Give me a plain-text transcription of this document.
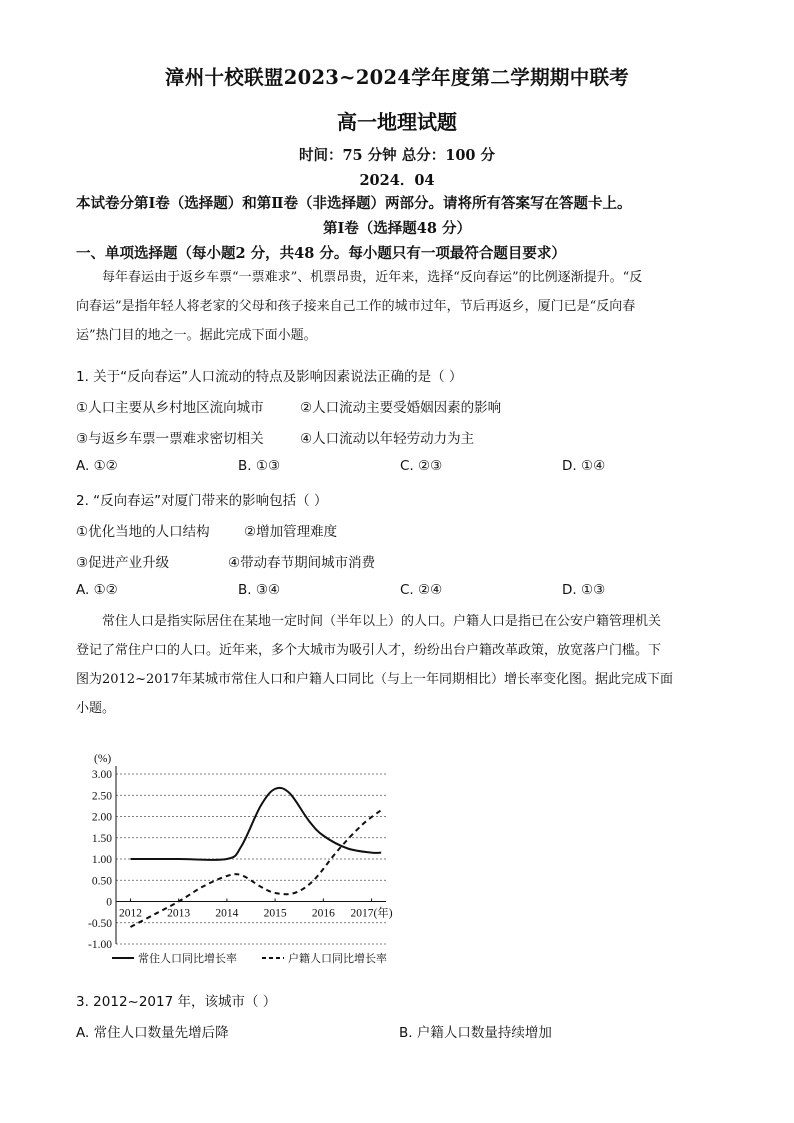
漳州十校联盟2023~2024学年度第二学期期中联考
高一地理试题
时间：75 分钟 总分：100 分
2024．04
本试卷分第Ⅰ卷（选择题）和第Ⅱ卷（非选择题）两部分。请将所有答案写在答题卡上。
第Ⅰ卷（选择题48 分）
一、单项选择题（每小题2 分，共48 分。每小题只有一项最符合题目要求）

每年春运由于返乡车票“一票难求”、机票昂贵，近年来，选择“反向春运”的比例逐渐提升。“反

向春运”是指年轻人将老家的父母和孩子接来自己工作的城市过年，节后再返乡，厦门已是“反向春

运”热门目的地之一。据此完成下面小题。

1. 关于“反向春运”人口流动的特点及影响因素说法正确的是（ ）
①人口主要从乡村地区流向城市	②人口流动主要受婚姻因素的影响
③与返乡车票一票难求密切相关	④人口流动以年轻劳动力为主
A. ①②	B. ①③	C. ②③	D. ①④
2. “反向春运”对厦门带来的影响包括（ ）
①优化当地的人口结构	②增加管理难度
③促进产业升级	④带动春节期间城市消费
A. ①②	B. ③④	C. ②④	D. ①③

常住人口是指实际居住在某地一定时间（半年以上）的人口。户籍人口是指已在公安户籍管理机关

登记了常住户口的人口。近年来，多个大城市为吸引人才，纷纷出台户籍改革政策，放宽落户门槛。下

图为2012~2017年某城市常住人口和户籍人口同比（与上一年同期相比）增长率变化图。据此完成下面

小题。

(%)
3.00
2.50
2.00
1.50
1.00
0.50
0
-0.50
-1.00
2012 2013 2014 2015 2016 2017(年)
常住人口同比增长率	户籍人口同比增长率
3. 2012~2017 年，该城市（ ）
A. 常住人口数量先增后降	B. 户籍人口数量持续增加
